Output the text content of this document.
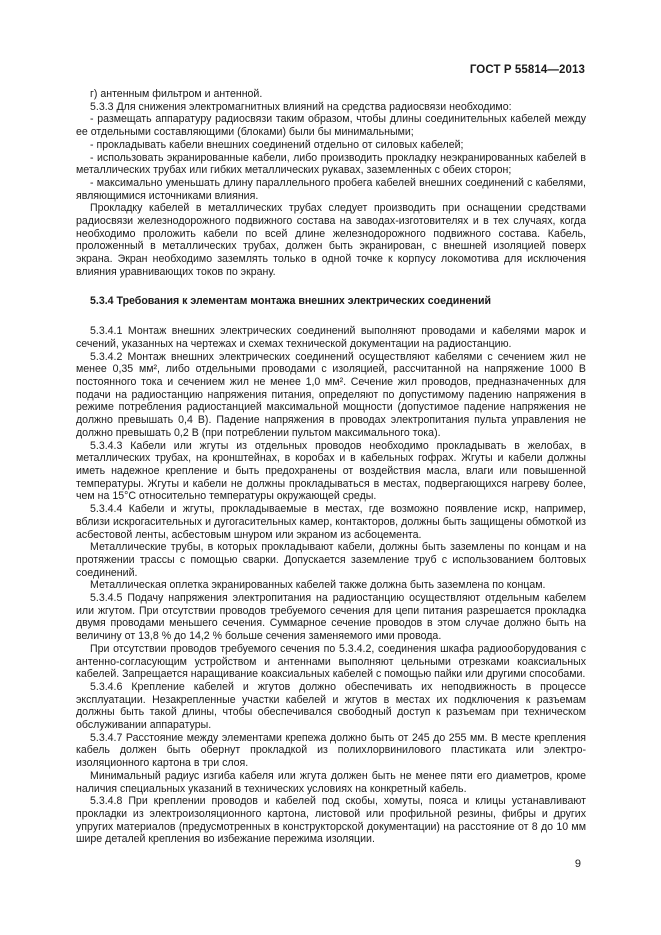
ГОСТ Р 55814—2013

г) антенным фильтром и антенной.

5.3.3 Для снижения электромагнитных влияний на средства радиосвязи необходимо:

- размещать аппаратуру радиосвязи таким образом, чтобы длины соединительных кабелей между ее отдельными составляющими (блоками) были бы минимальными;

- прокладывать кабели внешних соединений отдельно от силовых кабелей;

- использовать экранированные кабели, либо производить прокладку неэкранированных кабелей в металлических трубах или гибких металлических рукавах, заземленных с обеих сторон;

- максимально уменьшать длину параллельного пробега кабелей внешних соединений с кабелями, являющимися источниками влияния.

Прокладку кабелей в металлических трубах следует производить при оснащении средствами радиосвязи железнодорожного подвижного состава на заводах-изготовителях и в тех случаях, когда необходимо проложить кабели по всей длине железнодорожного подвижного состава. Кабель, проложенный в металлических трубах, должен быть экранирован, с внешней изоляцией поверх экрана. Экран необходимо заземлять только в одной точке к корпусу локомотива для исключения влияния уравнивающих токов по экрану.

5.3.4 Требования к элементам монтажа внешних электрических соединений

5.3.4.1 Монтаж внешних электрических соединений выполняют проводами и кабелями марок и сечений, указанных на чертежах и схемах технической документации на радиостанцию.

5.3.4.2 Монтаж внешних электрических соединений осуществляют кабелями с сечением жил не менее 0,35 мм², либо отдельными проводами с изоляцией, рассчитанной на напряжение 1000 В постоянного тока и сечением жил не менее 1,0 мм². Сечение жил проводов, предназначенных для подачи на радиостанцию напряжения питания, определяют по допустимому падению напряжения в режиме потребления радиостанцией максимальной мощности (допустимое падение напряжения не должно превышать 0,4 В). Падение напряжения в проводах электропитания пульта управления не должно превышать 0,2 В (при потреблении пультом максимального тока).

5.3.4.3 Кабели или жгуты из отдельных проводов необходимо прокладывать в желобах, в металлических трубах, на кронштейнах, в коробах и в кабельных гофрах. Жгуты и кабели должны иметь надежное крепление и быть предохранены от воздействия масла, влаги или повышенной температуры. Жгуты и кабели не должны прокладываться в местах, подвергающихся нагреву более, чем на 15°С относительно температуры окружающей среды.

5.3.4.4 Кабели и жгуты, прокладываемые в местах, где возможно появление искр, например, вблизи искрогасительных и дугогасительных камер, контакторов, должны быть защищены обмоткой из асбестовой ленты, асбестовым шнуром или экраном из асбоцемента.

Металлические трубы, в которых прокладывают кабели, должны быть заземлены по концам и на протяжении трассы с помощью сварки. Допускается заземление труб с использованием болтовых соединений.

Металлическая оплетка экранированных кабелей также должна быть заземлена по концам.

5.3.4.5 Подачу напряжения электропитания на радиостанцию осуществляют отдельным кабелем или жгутом. При отсутствии проводов требуемого сечения для цепи питания разрешается прокладка двумя проводами меньшего сечения. Суммарное сечение проводов в этом случае должно быть на величину от 13,8 % до 14,2 % больше сечения заменяемого ими провода.

При отсутствии проводов требуемого сечения по 5.3.4.2, соединения шкафа радиооборудования с антенно-согласующим устройством и антеннами выполняют цельными отрезками коаксиальных кабелей. Запрещается наращивание коаксиальных кабелей с помощью пайки или другими способами.

5.3.4.6 Крепление кабелей и жгутов должно обеспечивать их неподвижность в процессе эксплуатации. Незакрепленные участки кабелей и жгутов в местах их подключения к разъемам должны быть такой длины, чтобы обеспечивался свободный доступ к разъемам при техническом обслуживании аппаратуры.

5.3.4.7 Расстояние между элементами крепежа должно быть от 245 до 255 мм. В месте крепления кабель должен быть обернут прокладкой из полихлорвинилового пластиката или электро-изоляционного картона в три слоя.

Минимальный радиус изгиба кабеля или жгута должен быть не менее пяти его диаметров, кроме наличия специальных указаний в технических условиях на конкретный кабель.

5.3.4.8 При креплении проводов и кабелей под скобы, хомуты, пояса и клицы устанавливают прокладки из электроизоляционного картона, листовой или профильной резины, фибры и других упругих материалов (предусмотренных в конструкторской документации) на расстояние от 8 до 10 мм шире деталей крепления во избежание пережима изоляции.

9
